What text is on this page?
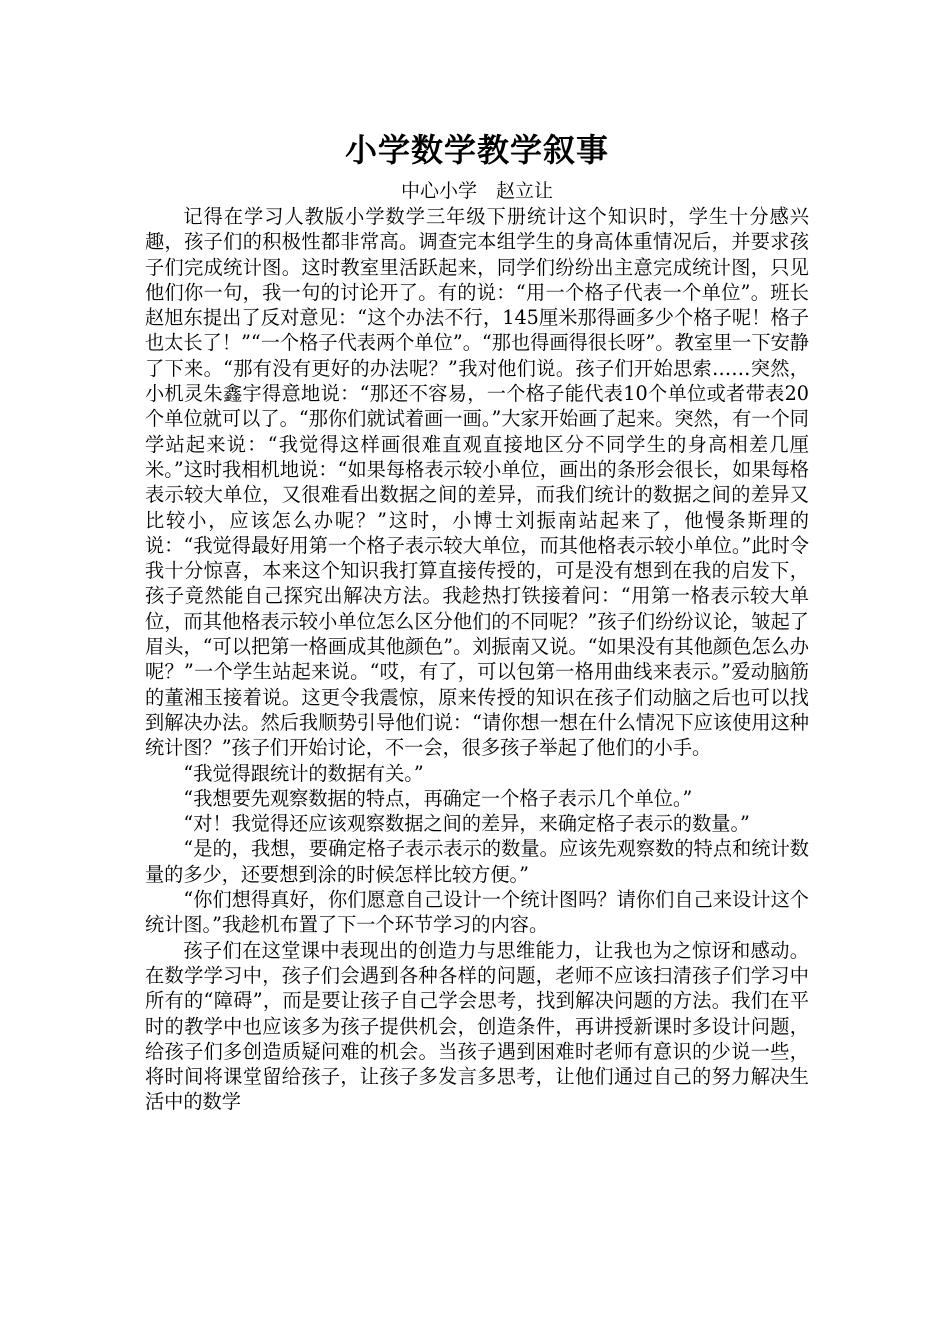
小学数学教学叙事
中心小学　赵立让

记得在学习人教版小学数学三年级下册统计这个知识时，学生十分感兴趣，孩子们的积极性都非常高。调查完本组学生的身高体重情况后，并要求孩子们完成统计图。这时教室里活跃起来，同学们纷纷出主意完成统计图，只见他们你一句，我一句的讨论开了。有的说：“用一个格子代表一个单位”。班长赵旭东提出了反对意见：“这个办法不行，145厘米那得画多少个格子呢！格子也太长了！”“一个格子代表两个单位”。“那也得画得很长呀”。教室里一下安静了下来。“那有没有更好的办法呢？”我对他们说。孩子们开始思索……突然，小机灵朱鑫宇得意地说：“那还不容易，一个格子能代表10个单位或者带表20个单位就可以了。“那你们就试着画一画。”大家开始画了起来。突然，有一个同学站起来说：“我觉得这样画很难直观直接地区分不同学生的身高相差几厘米。”这时我相机地说：“如果每格表示较小单位，画出的条形会很长，如果每格表示较大单位，又很难看出数据之间的差异，而我们统计的数据之间的差异又比较小，应该怎么办呢？”这时，小博士刘振南站起来了，他慢条斯理的说：“我觉得最好用第一个格子表示较大单位，而其他格表示较小单位。”此时令我十分惊喜，本来这个知识我打算直接传授的，可是没有想到在我的启发下，孩子竟然能自己探究出解决方法。我趁热打铁接着问：“用第一格表示较大单位，而其他格表示较小单位怎么区分他们的不同呢？”孩子们纷纷议论，皱起了眉头，“可以把第一格画成其他颜色”。刘振南又说。“如果没有其他颜色怎么办呢？”一个学生站起来说。“哎，有了，可以包第一格用曲线来表示。”爱动脑筋的董湘玉接着说。这更令我震惊，原来传授的知识在孩子们动脑之后也可以找到解决办法。然后我顺势引导他们说：“请你想一想在什么情况下应该使用这种统计图？”孩子们开始讨论，不一会，很多孩子举起了他们的小手。

“我觉得跟统计的数据有关。”

“我想要先观察数据的特点，再确定一个格子表示几个单位。”

“对！我觉得还应该观察数据之间的差异，来确定格子表示的数量。”

“是的，我想，要确定格子表示表示的数量。应该先观察数的特点和统计数量的多少，还要想到涂的时候怎样比较方便。”

“你们想得真好，你们愿意自己设计一个统计图吗？请你们自己来设计这个统计图。”我趁机布置了下一个环节学习的内容。

孩子们在这堂课中表现出的创造力与思维能力，让我也为之惊讶和感动。在数学学习中，孩子们会遇到各种各样的问题，老师不应该扫清孩子们学习中所有的“障碍”，而是要让孩子自己学会思考，找到解决问题的方法。我们在平时的教学中也应该多为孩子提供机会，创造条件，再讲授新课时多设计问题，给孩子们多创造质疑问难的机会。当孩子遇到困难时老师有意识的少说一些，将时间将课堂留给孩子，让孩子多发言多思考，让他们通过自己的努力解决生活中的数学
